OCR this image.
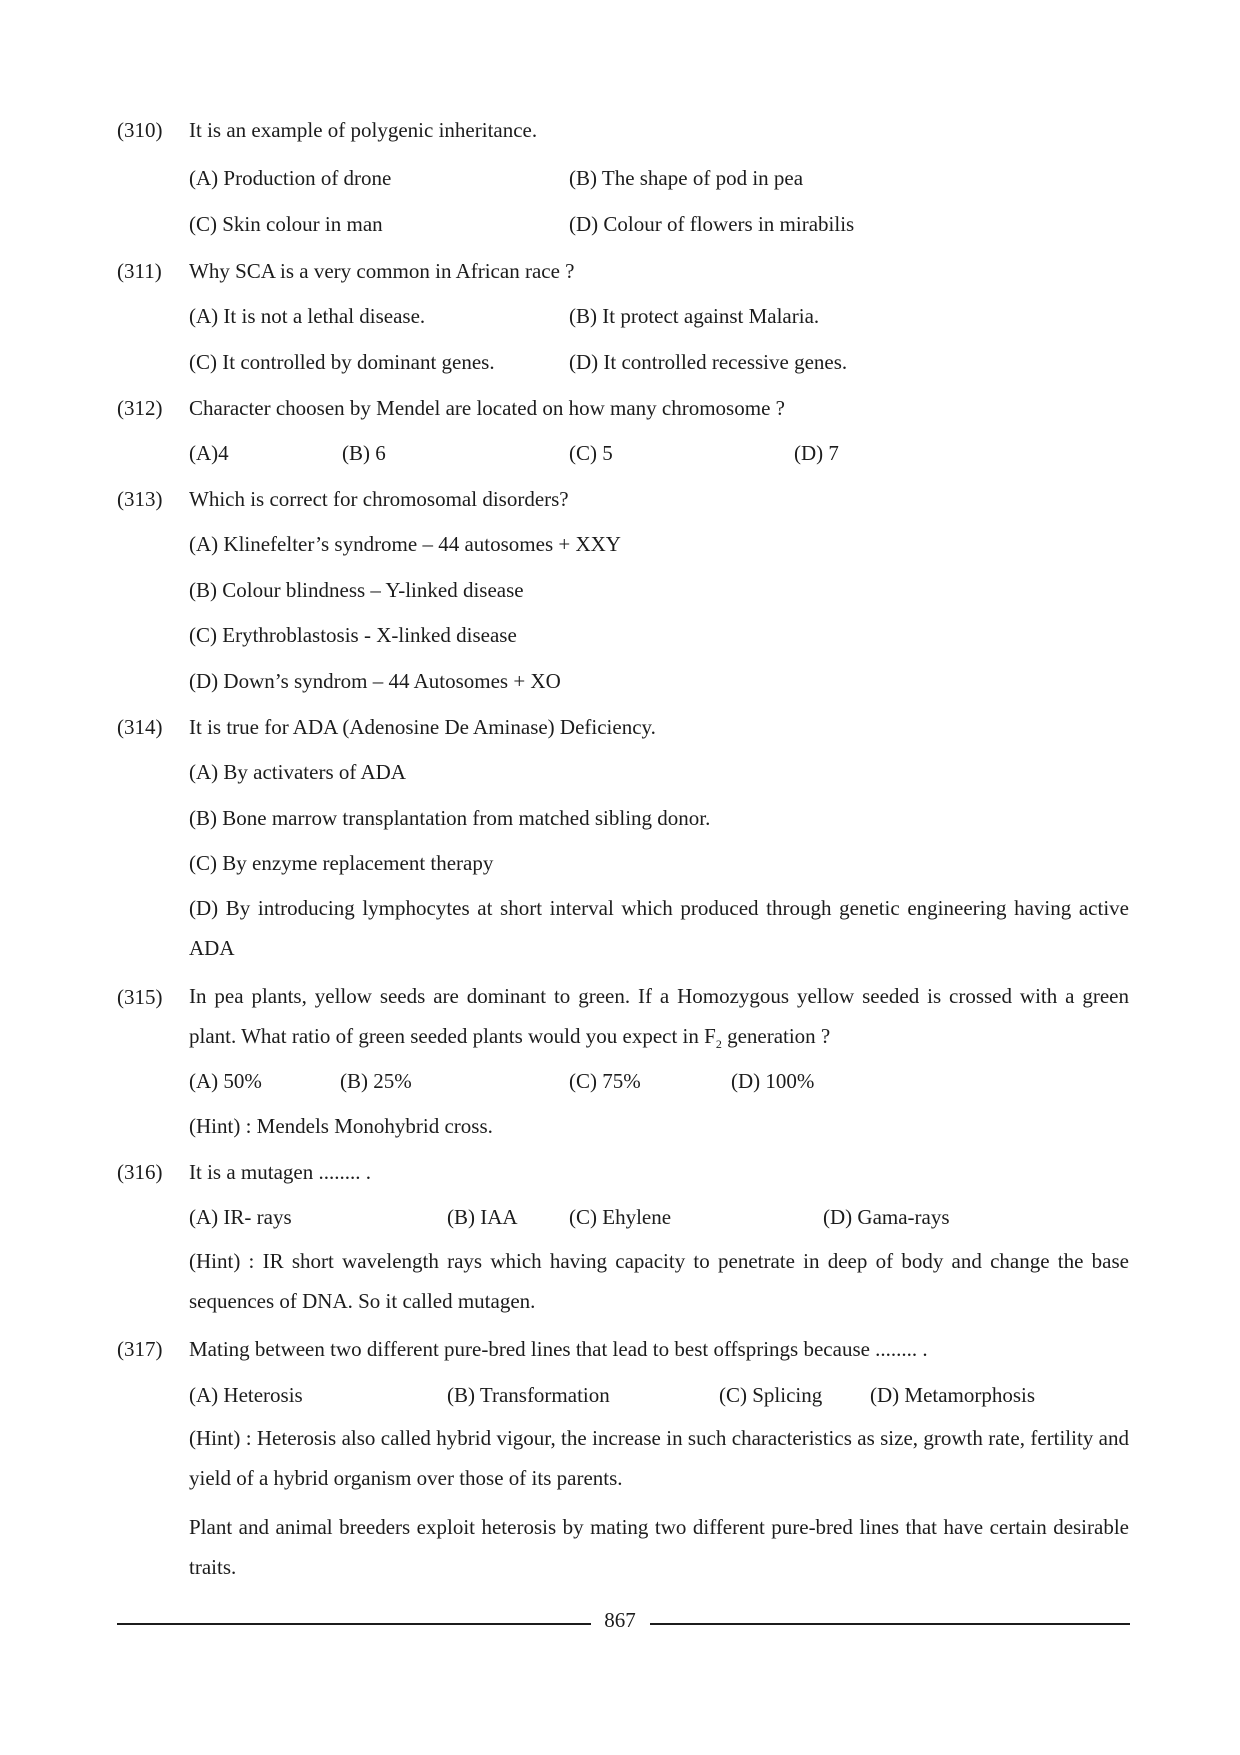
(310) It is an example of polygenic inheritance.
(A) Production of drone	(B) The shape of pod in pea
(C) Skin colour in man	(D) Colour of flowers in mirabilis
(311) Why SCA is a very common in African race ?
(A) It is not a lethal disease.	(B) It protect against Malaria.
(C) It controlled by dominant genes.	(D) It controlled recessive genes.
(312) Character choosen by Mendel are located on how many chromosome ?
(A)4	(B) 6	(C) 5	(D) 7
(313) Which is correct for chromosomal disorders?
(A) Klinefelter’s syndrome – 44 autosomes + XXY
(B) Colour blindness – Y-linked disease
(C) Erythroblastosis - X-linked disease
(D) Down’s syndrom – 44 Autosomes + XO
(314) It is true for ADA (Adenosine De Aminase) Deficiency.
(A) By activaters of ADA
(B) Bone marrow transplantation from matched sibling donor.
(C) By enzyme replacement therapy
(D) By introducing lymphocytes at short interval which produced through genetic engineering having active ADA
(315) In pea plants, yellow seeds are dominant to green. If a Homozygous yellow seeded is crossed with a green plant. What ratio of green seeded plants would you expect in $F_2$ generation ?
(A) 50%	(B) 25%	(C) 75%	(D) 100%
(Hint) : Mendels Monohybrid cross.
(316) It is a mutagen ........ .
(A) IR- rays	(B) IAA (C) Ehylene	(D) Gama-rays
(Hint) : IR short wavelength rays which having capacity to penetrate in deep of body and change the base sequences of DNA. So it called mutagen.
(317) Mating between two different pure-bred lines that lead to best offsprings because ........ .
(A) Heterosis	(B) Transformation	(C) Splicing (D) Metamorphosis
(Hint) : Heterosis also called hybrid vigour, the increase in such characteristics as size, growth rate, fertility and yield of a hybrid organism over those of its parents.
Plant and animal breeders exploit heterosis by mating two different pure-bred lines that have certain desirable traits.
867
